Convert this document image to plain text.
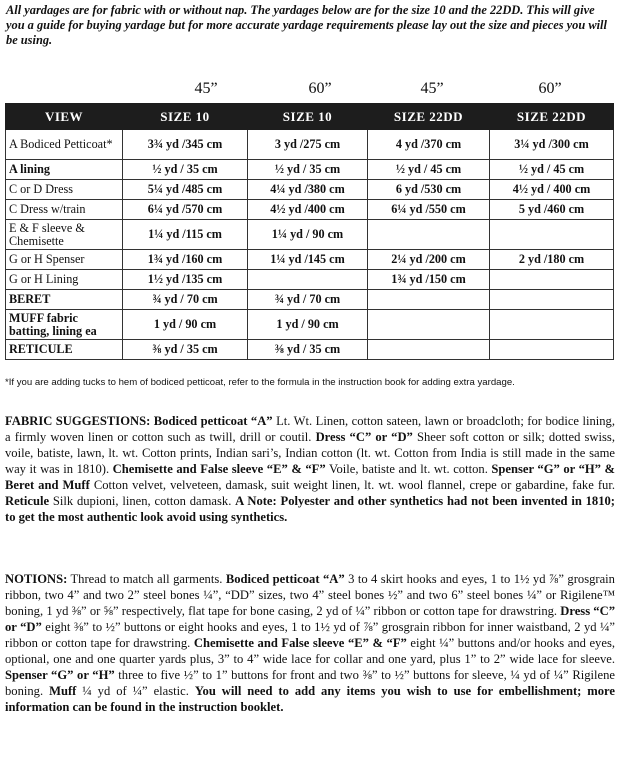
All yardages are for fabric with or without nap. The yardages below are for the size 10 and the 22DD. This will give you a guide for buying yardage but for more accurate yardage requirements please lay out the size and pieces you will be using.
45”	60”	45”	60”
VIEW	SIZE 10	SIZE 10	SIZE 22DD	SIZE 22DD
A Bodiced Petticoat*	3¾ yd /345 cm	3 yd /275 cm	4 yd /370 cm	3¼ yd /300 cm
A lining	½ yd / 35 cm	½ yd / 35 cm	½ yd / 45 cm	½ yd / 45 cm
C or D Dress	5¼ yd /485 cm	4¼ yd /380 cm	6 yd /530 cm	4½ yd / 400 cm
C Dress w/train	6¼ yd /570 cm	4½ yd /400 cm	6¼ yd /550 cm	5 yd /460 cm
E & F sleeve & Chemisette	1¼ yd /115 cm	1¼ yd / 90 cm		
G or H Spenser	1¾ yd /160 cm	1¼ yd /145 cm	2¼ yd /200 cm	2 yd /180 cm
G or H Lining	1½ yd /135 cm		1¾ yd /150 cm	
BERET	¾ yd / 70 cm	¾ yd / 70 cm		
MUFF fabric batting, lining ea	1 yd / 90 cm	1 yd / 90 cm		
RETICULE	⅜ yd / 35 cm	⅜ yd / 35 cm		
*If you are adding tucks to hem of bodiced petticoat, refer to the formula in the instruction book for adding extra yardage.
FABRIC SUGGESTIONS: Bodiced petticoat “A” Lt. Wt. Linen, cotton sateen, lawn or broadcloth; for bodice lining, a firmly woven linen or cotton such as twill, drill or coutil. Dress “C” or “D” Sheer soft cotton or silk; dotted swiss, voile, batiste, lawn, lt. wt. Cotton prints, Indian sari’s, Indian cotton (lt. wt. Cotton from India is still made in the same way it was in 1810). Chemisette and False sleeve “E” & “F” Voile, batiste and lt. wt. cotton. Spenser “G” or “H” & Beret and Muff Cotton velvet, velveteen, damask, suit weight linen, lt. wt. wool flannel, crepe or gabardine, fake fur. Reticule Silk dupioni, linen, cotton damask. A Note: Polyester and other synthetics had not been invented in 1810; to get the most authentic look avoid using synthetics.
NOTIONS: Thread to match all garments. Bodiced petticoat “A” 3 to 4 skirt hooks and eyes, 1 to 1½ yd ⅞” grosgrain ribbon, two 4” and two 2” steel bones ¼”, “DD” sizes, two 4” steel bones ½” and two 6” steel bones ¼” or Rigilene™ boning, 1 yd ⅜” or ⅝” respectively, flat tape for bone casing, 2 yd of ¼” ribbon or cotton tape for drawstring. Dress “C” or “D” eight ⅜” to ½” buttons or eight hooks and eyes, 1 to 1½ yd of ⅞” grosgrain ribbon for inner waistband, 2 yd ¼” ribbon or cotton tape for drawstring. Chemisette and False sleeve “E” & “F” eight ¼” buttons and/or hooks and eyes, optional, one and one quarter yards plus, 3” to 4” wide lace for collar and one yard, plus 1” to 2” wide lace for sleeve. Spenser “G” or “H” three to five ½” to 1” buttons for front and two ⅜” to ½” buttons for sleeve, ¼ yd of ¼” Rigilene boning. Muff ¼ yd of ¼” elastic. You will need to add any items you wish to use for embellishment; more information can be found in the instruction booklet.
